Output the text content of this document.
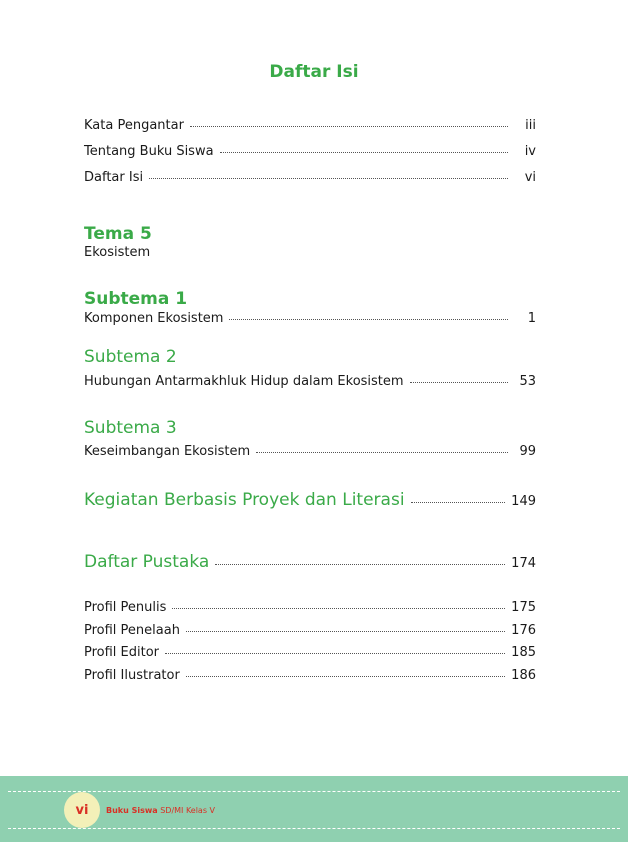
Daftar Isi
Kata Pengantar	iii
Tentang Buku Siswa	iv
Daftar Isi	vi
Tema 5
Ekosistem
Subtema 1
Komponen Ekosistem	1
Subtema 2
Hubungan Antarmakhluk Hidup dalam Ekosistem	53
Subtema 3
Keseimbangan Ekosistem	99
Kegiatan Berbasis Proyek dan Literasi	149
Daftar Pustaka	174
Profil Penulis	175
Profil Penelaah	176
Profil Editor	185
Profil Ilustrator	186
vi	Buku Siswa SD/MI Kelas V
